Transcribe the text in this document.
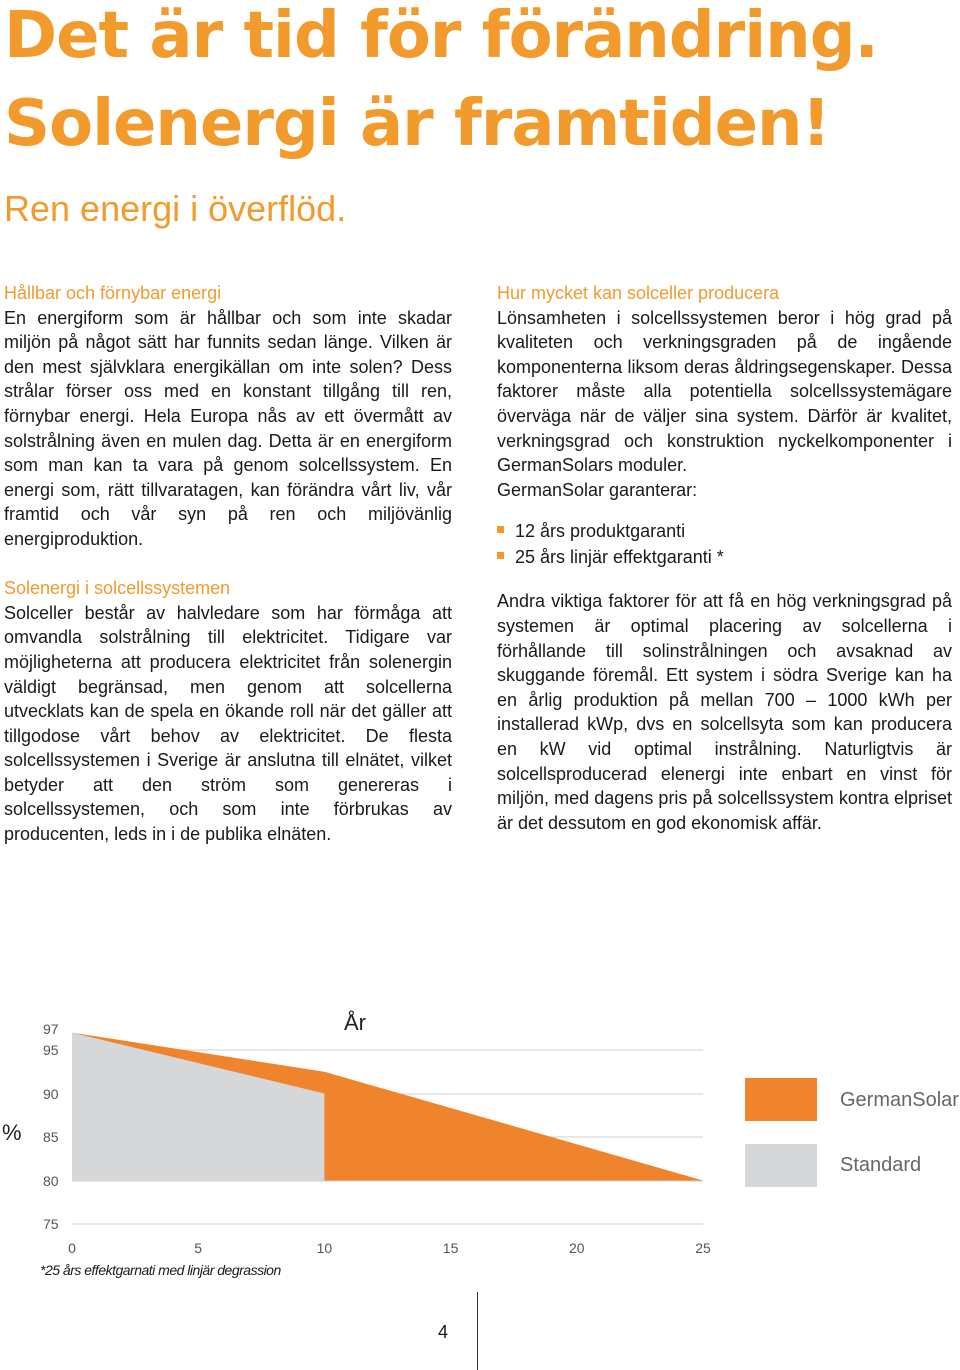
Det är tid för förändring.
Solenergi är framtiden!
Ren energi i överflöd.
Hållbar och förnybar energi

En energiform som är hållbar och som inte skadar miljön på något sätt har funnits sedan länge. Vilken är den mest självklara energikällan om inte solen? Dess strålar förser oss med en konstant tillgång till ren, förnybar energi. Hela Europa nås av ett övermått av solstrålning även en mulen dag. Detta är en energiform som man kan ta vara på genom solcellssystem. En energi som, rätt tillvaratagen, kan förändra vårt liv, vår framtid och vår syn på ren och miljövänlig energiproduktion.

Solenergi i solcellssystemen

Solceller består av halvledare som har förmåga att omvandla solstrålning till elektricitet. Tidigare var möjligheterna att producera elektricitet från solenergin väldigt begränsad, men genom att solcellerna utvecklats kan de spela en ökande roll när det gäller att tillgodose vårt behov av elektricitet. De flesta solcellssystemen i Sverige är anslutna till elnätet, vilket betyder att den ström som genereras i solcellssystemen, och som inte förbrukas av producenten, leds in i de publika elnäten.

Hur mycket kan solceller producera

Lönsamheten i solcellssystemen beror i hög grad på kvaliteten och verkningsgraden på de ingående komponenterna liksom deras åldringsegenskaper. Dessa faktorer måste alla potentiella solcellssystemägare överväga när de väljer sina system. Därför är kvalitet, verkningsgrad och konstruktion nyckelkomponenter i GermanSolars moduler.

GermanSolar garanterar:

12 års produktgaranti
25 års linjär effektgaranti *

Andra viktiga faktorer för att få en hög verkningsgrad på systemen är optimal placering av solcellerna i förhållande till solinstrålningen och avsaknad av skuggande föremål. Ett system i södra Sverige kan ha en årlig produktion på mellan 700 – 1000 kWh per installerad kWp, dvs en solcellsyta som kan producera en kW vid optimal instrålning. Naturligtvis är solcellsproducerad elenergi inte enbart en vinst för miljön, med dagens pris på solcellssystem kontra elpriset är det dessutom en god ekonomisk affär.

År
%
97
95
90
85
80
75
0	5	10	15	20	25
GermanSolar
Standard
*25 års effektgarnati med linjär degrassion
4
